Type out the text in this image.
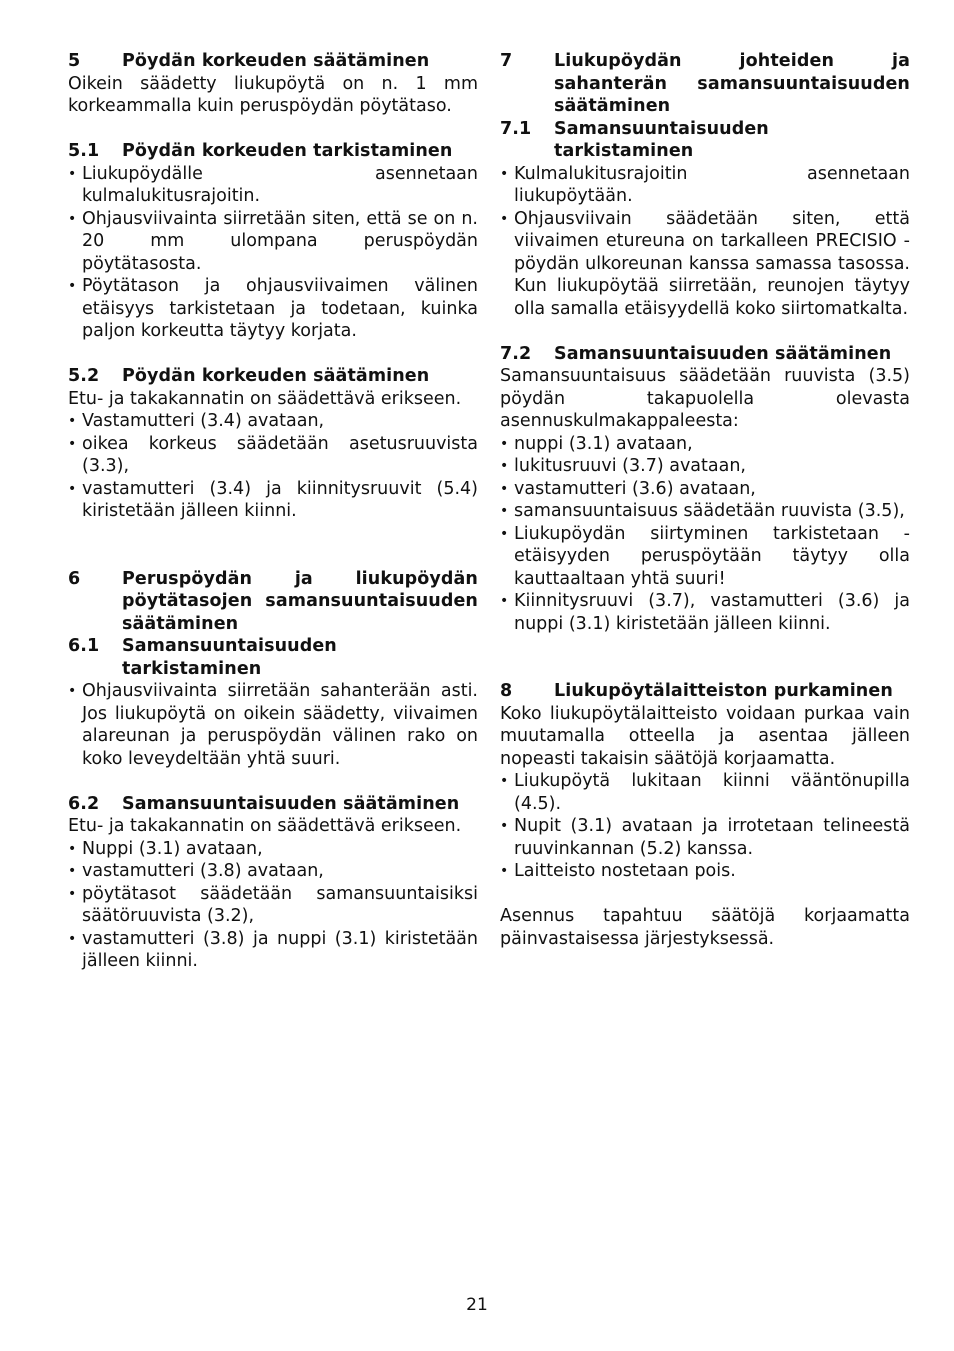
5	Pöydän korkeuden säätäminen

Oikein säädetty liukupöytä on n. 1 mm korkeammalla kuin peruspöydän pöytätaso.

5.1	Pöydän korkeuden tarkistaminen
• Liukupöydälle asennetaan kulmalukitusrajoitin.
• Ohjausviivainta siirretään siten, että se on n. 20 mm ulompana peruspöydän pöytätasosta.
• Pöytätason ja ohjausviivaimen välinen etäisyys tarkistetaan ja todetaan, kuinka paljon korkeutta täytyy korjata.
5.2	Pöydän korkeuden säätäminen

Etu- ja takakannatin on säädettävä erikseen.

• Vastamutteri (3.4) avataan,
• oikea korkeus säädetään asetusruuvista (3.3),
• vastamutteri (3.4) ja kiinnitysruuvit (5.4) kiristetään jälleen kiinni.
6	Peruspöydän ja liukupöydän pöytätasojen samansuuntaisuuden säätäminen
6.1	Samansuuntaisuuden tarkistaminen
• Ohjausviivainta siirretään sahanterään asti. Jos liukupöytä on oikein säädetty, viivaimen alareunan ja peruspöydän välinen rako on koko leveydeltään yhtä suuri.
6.2	Samansuuntaisuuden säätäminen

Etu- ja takakannatin on säädettävä erikseen.

• Nuppi (3.1) avataan,
• vastamutteri (3.8) avataan,
• pöytätasot säädetään samansuuntaisiksi säätöruuvista (3.2),
• vastamutteri (3.8) ja nuppi (3.1) kiristetään jälleen kiinni.
7	Liukupöydän johteiden ja sahanterän samansuuntaisuuden säätäminen
7.1	Samansuuntaisuuden tarkistaminen
• Kulmalukitusrajoitin asennetaan liukupöytään.
• Ohjausviivain säädetään siten, että viivaimen etureuna on tarkalleen PRECISIO - pöydän ulkoreunan kanssa samassa tasossa. Kun liukupöytää siirretään, reunojen täytyy olla samalla etäisyydellä koko siirtomatkalta.
7.2	Samansuuntaisuuden säätäminen

Samansuuntaisuus säädetään ruuvista (3.5) pöydän takapuolella olevasta asennuskulmakappaleesta:

• nuppi (3.1) avataan,
• lukitusruuvi (3.7) avataan,
• vastamutteri (3.6) avataan,
• samansuuntaisuus säädetään ruuvista (3.5),
• Liukupöydän siirtyminen tarkistetaan - etäisyyden peruspöytään täytyy olla kauttaaltaan yhtä suuri!
• Kiinnitysruuvi (3.7), vastamutteri (3.6) ja nuppi (3.1) kiristetään jälleen kiinni.
8	Liukupöytälaitteiston purkaminen

Koko liukupöytälaitteisto voidaan purkaa vain muutamalla otteella ja asentaa jälleen nopeasti takaisin säätöjä korjaamatta.

• Liukupöytä lukitaan kiinni vääntönupilla (4.5).
• Nupit (3.1) avataan ja irrotetaan telineestä ruuvinkannan (5.2) kanssa.
• Laitteisto nostetaan pois.

Asennus tapahtuu säätöjä korjaamatta päinvastaisessa järjestyksessä.

21
